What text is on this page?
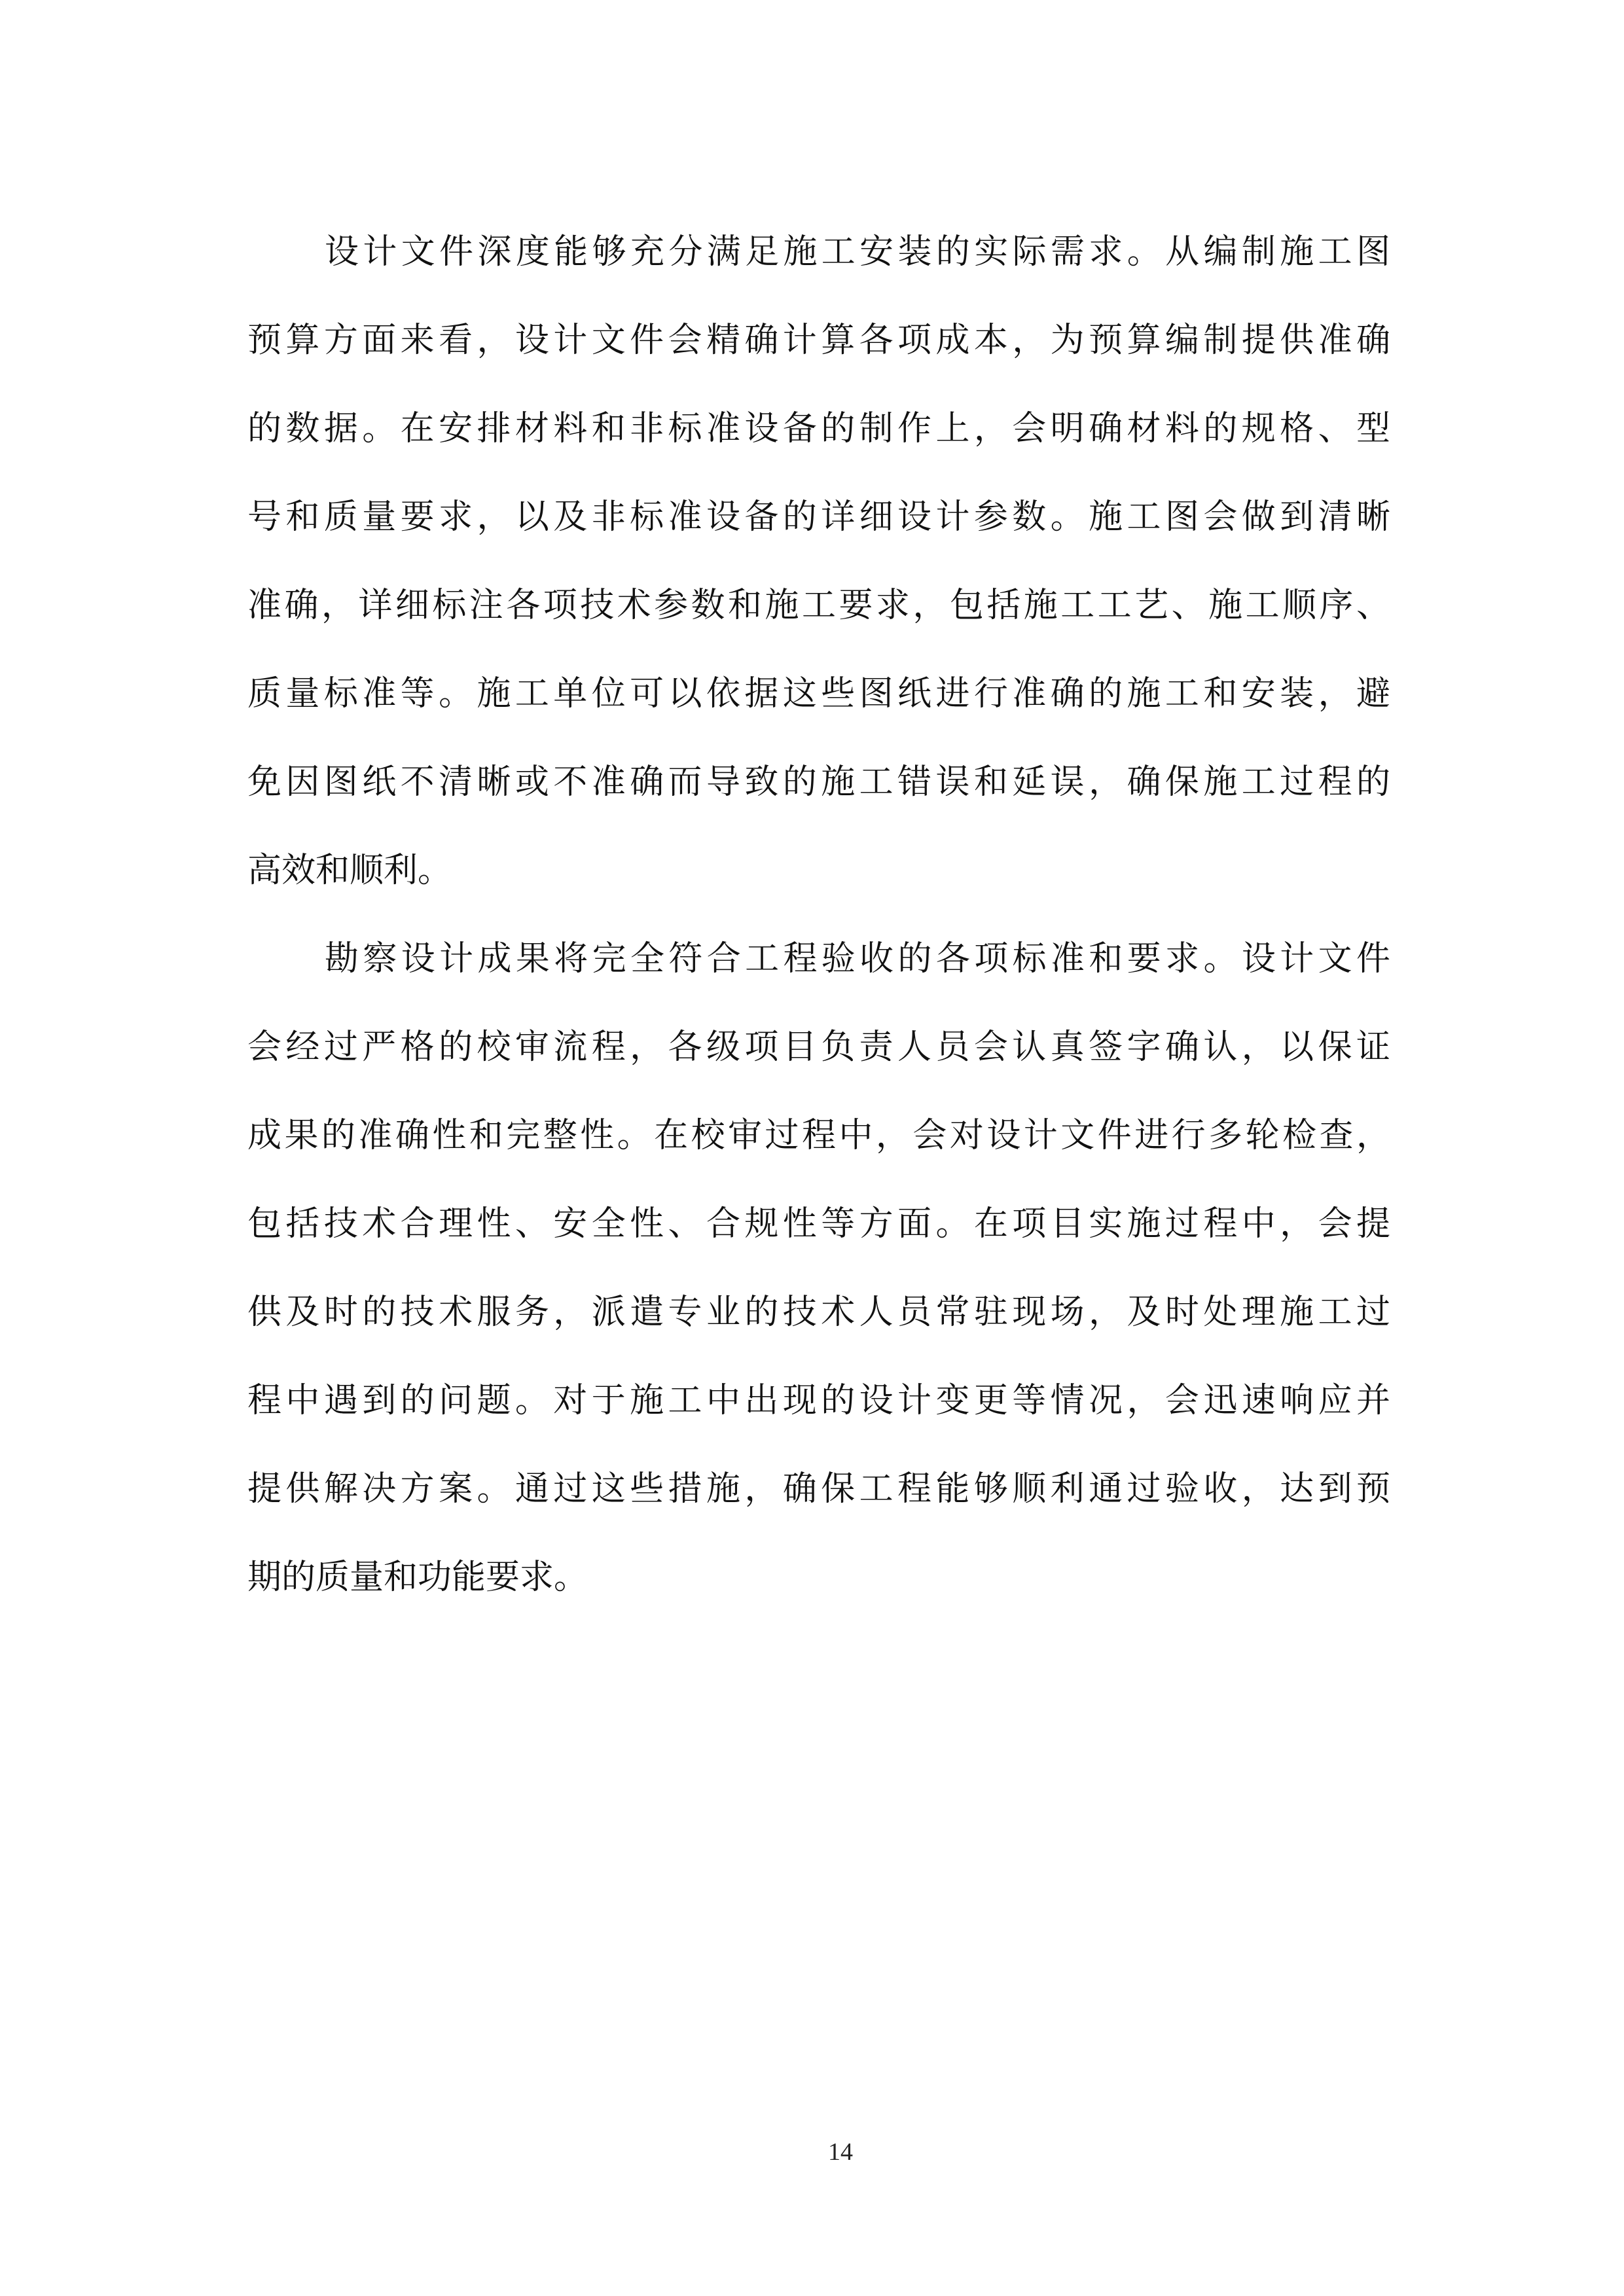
设计文件深度能够充分满足施工安装的实际需求。从编制施工图
预算方面来看，设计文件会精确计算各项成本，为预算编制提供准确
的数据。在安排材料和非标准设备的制作上，会明确材料的规格、型
号和质量要求，以及非标准设备的详细设计参数。施工图会做到清晰
准确，详细标注各项技术参数和施工要求，包括施工工艺、施工顺序、
质量标准等。施工单位可以依据这些图纸进行准确的施工和安装，避
免因图纸不清晰或不准确而导致的施工错误和延误，确保施工过程的
高效和顺利。
勘察设计成果将完全符合工程验收的各项标准和要求。设计文件
会经过严格的校审流程，各级项目负责人员会认真签字确认，以保证
成果的准确性和完整性。在校审过程中，会对设计文件进行多轮检查，
包括技术合理性、安全性、合规性等方面。在项目实施过程中，会提
供及时的技术服务，派遣专业的技术人员常驻现场，及时处理施工过
程中遇到的问题。对于施工中出现的设计变更等情况，会迅速响应并
提供解决方案。通过这些措施，确保工程能够顺利通过验收，达到预
期的质量和功能要求。
14
